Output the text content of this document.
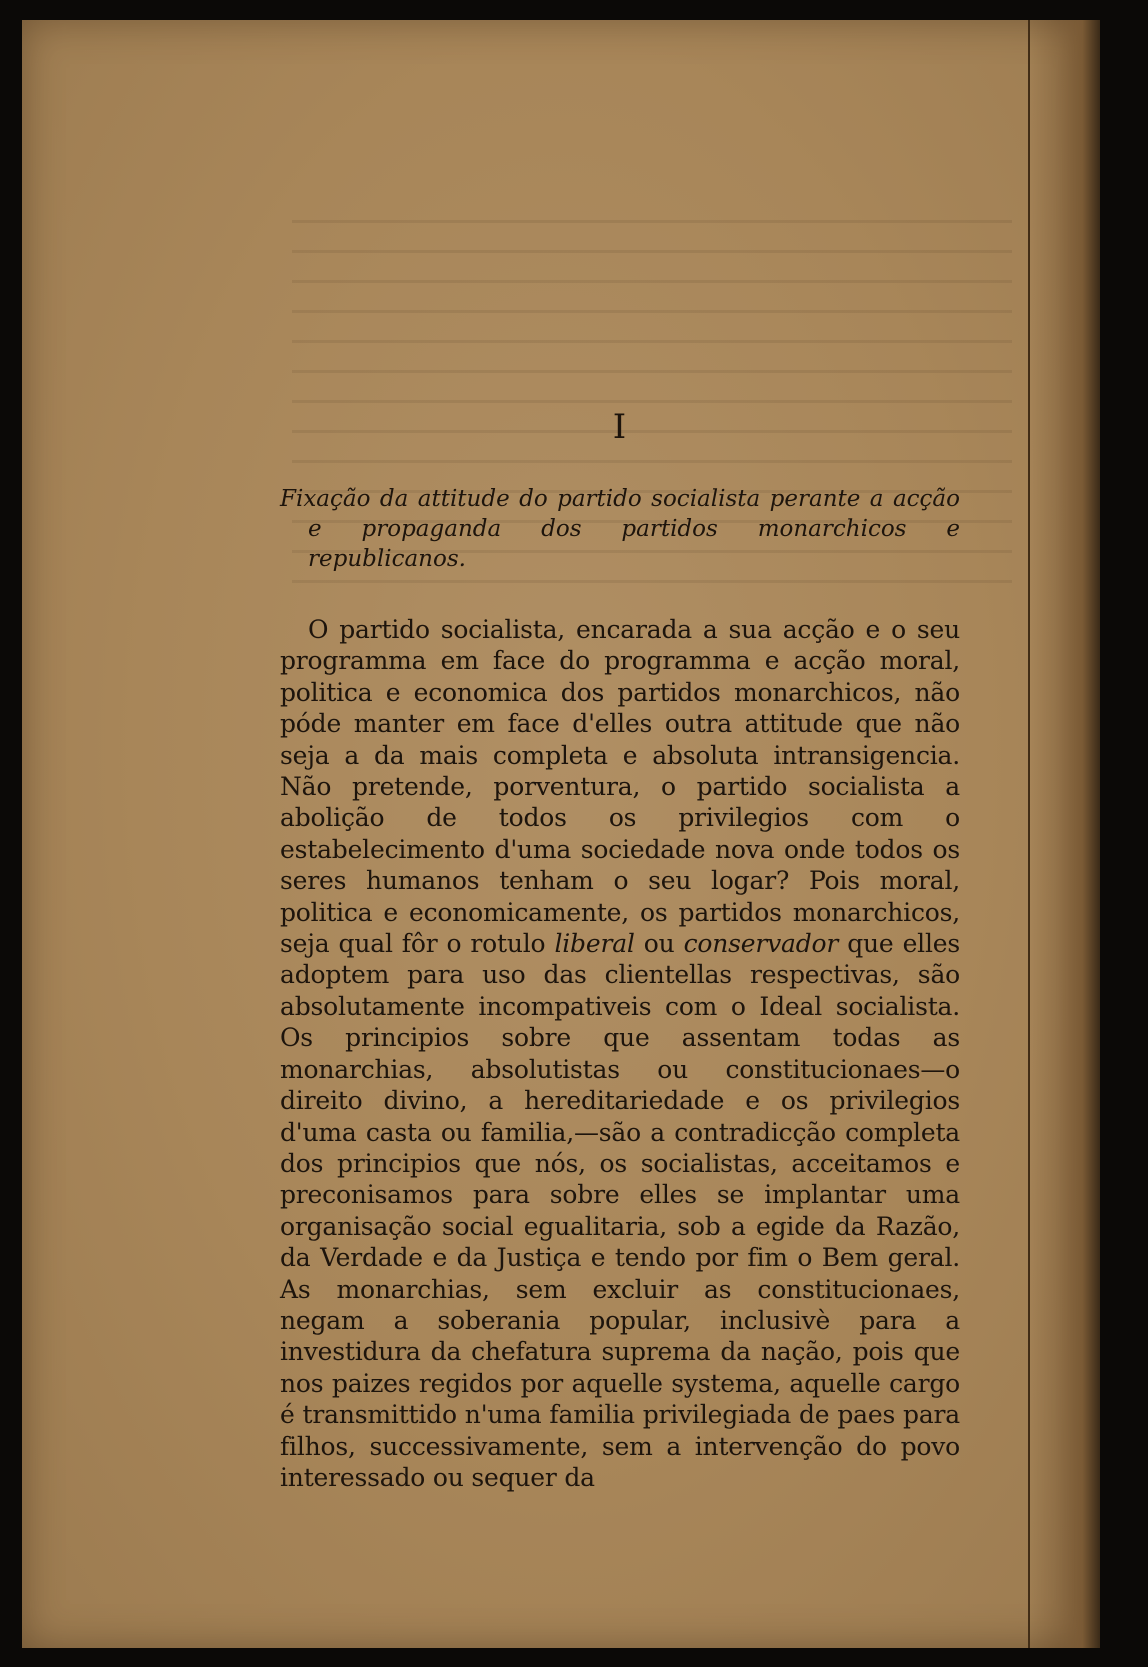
I

Fixação da attitude do partido socialista perante a acção e propaganda dos partidos monarchicos e republicanos.

O partido socialista, encarada a sua acção e o seu programma em face do programma e acção moral, politica e economica dos partidos monarchicos, não póde manter em face d'elles outra attitude que não seja a da mais completa e absoluta intransigencia. Não pretende, porventura, o partido socialista a abolição de todos os privilegios com o estabelecimento d'uma sociedade nova onde todos os seres humanos tenham o seu logar? Pois moral, politica e economicamente, os partidos monarchicos, seja qual fôr o rotulo liberal ou conservador que elles adoptem para uso das clientellas respectivas, são absolutamente incompativeis com o Ideal socialista. Os principios sobre que assentam todas as monarchias, absolutistas ou constitucionaes—o direito divino, a hereditariedade e os privilegios d'uma casta ou familia,—são a contradicção completa dos principios que nós, os socialistas, acceitamos e preconisamos para sobre elles se implantar uma organisação social egualitaria, sob a egide da Razão, da Verdade e da Justiça e tendo por fim o Bem geral. As monarchias, sem excluir as constitucionaes, negam a soberania popular, inclusivè para a investidura da chefatura suprema da nação, pois que nos paizes regidos por aquelle systema, aquelle cargo é transmittido n'uma familia privilegiada de paes para filhos, successivamente, sem a intervenção do povo interessado ou sequer da
